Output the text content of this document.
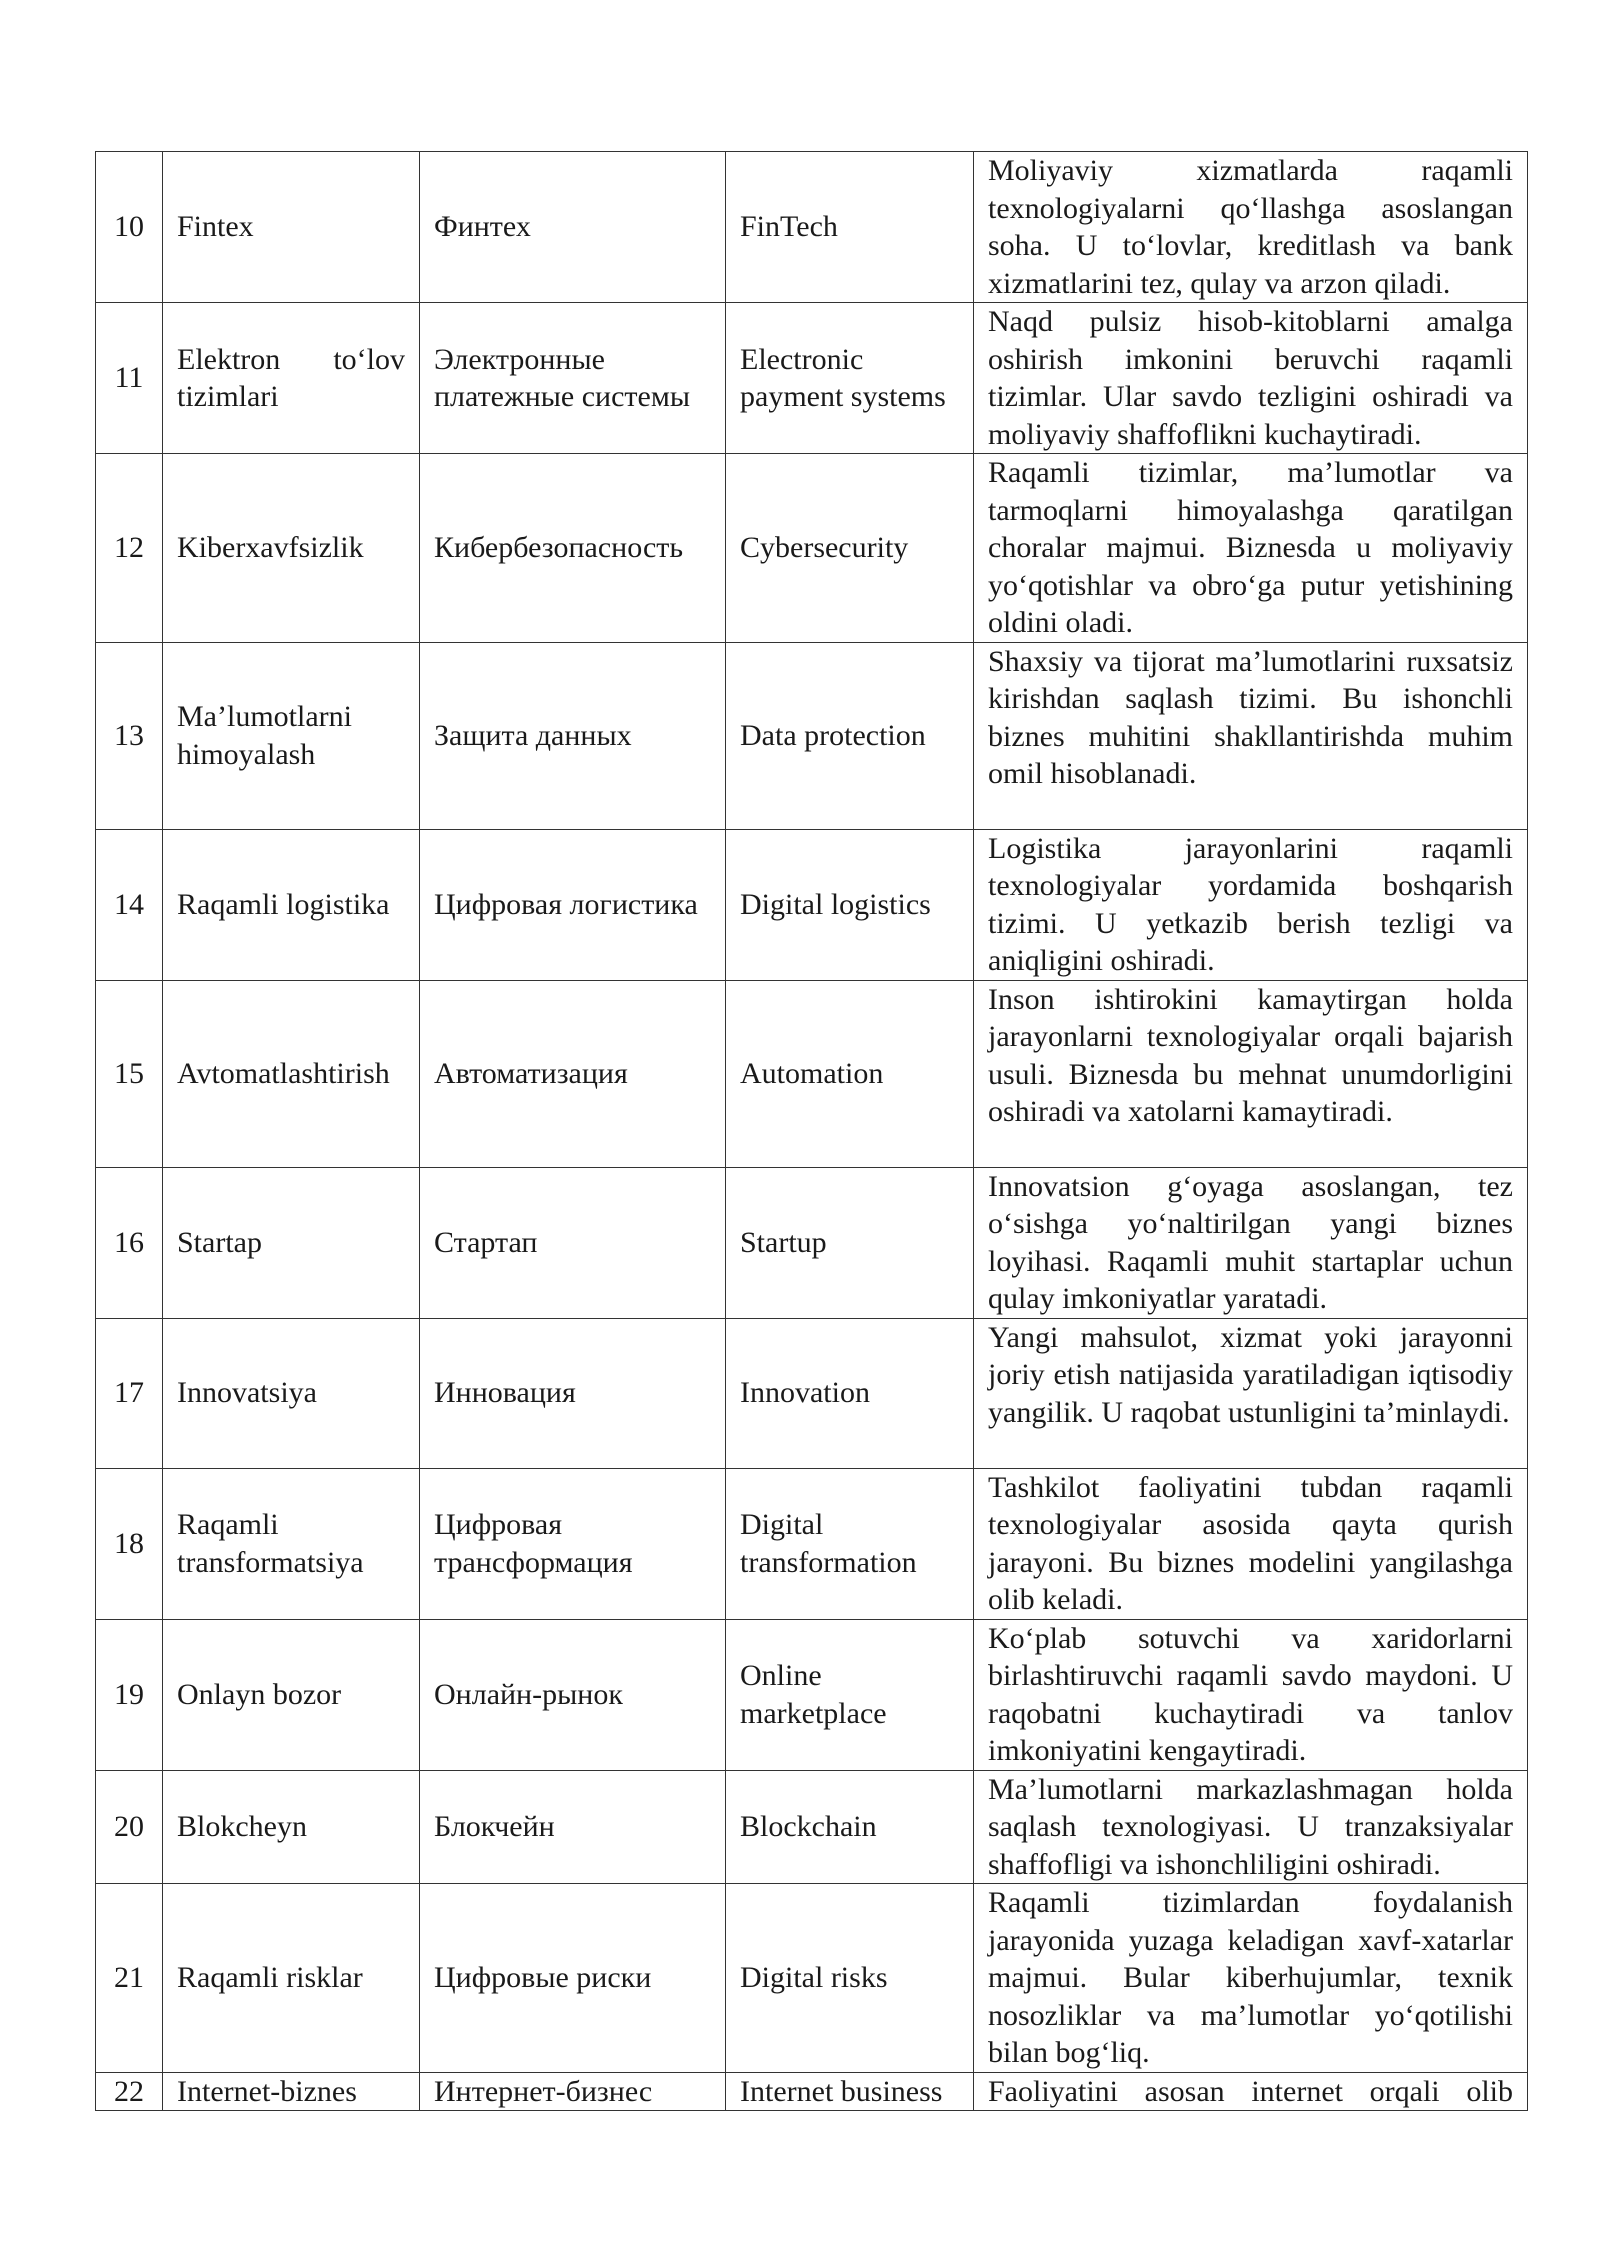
10	Fintex	Финтех	FinTech	Moliyaviy xizmatlarda raqamli texnologiyalarni qo‘llashga asoslangan soha. U to‘lovlar, kreditlash va bank xizmatlarini tez, qulay va arzon qiladi.
11	Elektron to‘lov tizimlari	Электронные платежные системы	Electronic payment systems	Naqd pulsiz hisob-kitoblarni amalga oshirish imkonini beruvchi raqamli tizimlar. Ular savdo tezligini oshiradi va moliyaviy shaffoflikni kuchaytiradi.
12	Kiberxavfsizlik	Кибербезопасность	Cybersecurity	Raqamli tizimlar, ma’lumotlar va tarmoqlarni himoyalashga qaratilgan choralar majmui. Biznesda u moliyaviy yo‘qotishlar va obro‘ga putur yetishining oldini oladi.
13	Ma’lumotlarni himoyalash	Защита данных	Data protection	Shaxsiy va tijorat ma’lumotlarini ruxsatsiz kirishdan saqlash tizimi. Bu ishonchli biznes muhitini shakllantirishda muhim omil hisoblanadi.
14	Raqamli logistika	Цифровая логистика	Digital logistics	Logistika jarayonlarini raqamli texnologiyalar yordamida boshqarish tizimi. U yetkazib berish tezligi va aniqligini oshiradi.
15	Avtomatlashtirish	Автоматизация	Automation	Inson ishtirokini kamaytirgan holda jarayonlarni texnologiyalar orqali bajarish usuli. Biznesda bu mehnat unumdorligini oshiradi va xatolarni kamaytiradi.
16	Startap	Стартап	Startup	Innovatsion g‘oyaga asoslangan, tez o‘sishga yo‘naltirilgan yangi biznes loyihasi. Raqamli muhit startaplar uchun qulay imkoniyatlar yaratadi.
17	Innovatsiya	Инновация	Innovation	Yangi mahsulot, xizmat yoki jarayonni joriy etish natijasida yaratiladigan iqtisodiy yangilik. U raqobat ustunligini ta’minlaydi.
18	Raqamli transformatsiya	Цифровая трансформация	Digital transformation	Tashkilot faoliyatini tubdan raqamli texnologiyalar asosida qayta qurish jarayoni. Bu biznes modelini yangilashga olib keladi.
19	Onlayn bozor	Онлайн-рынок	Online marketplace	Ko‘plab sotuvchi va xaridorlarni birlashtiruvchi raqamli savdo maydoni. U raqobatni kuchaytiradi va tanlov imkoniyatini kengaytiradi.
20	Blokcheyn	Блокчейн	Blockchain	Ma’lumotlarni markazlashmagan holda saqlash texnologiyasi. U tranzaksiyalar shaffofligi va ishonchliligini oshiradi.
21	Raqamli risklar	Цифровые риски	Digital risks	Raqamli tizimlardan foydalanish jarayonida yuzaga keladigan xavf-xatarlar majmui. Bular kiberhujumlar, texnik nosozliklar va ma’lumotlar yo‘qotilishi bilan bog‘liq.
22	Internet-biznes	Интернет-бизнес	Internet business	Faoliyatini asosan internet orqali olib
